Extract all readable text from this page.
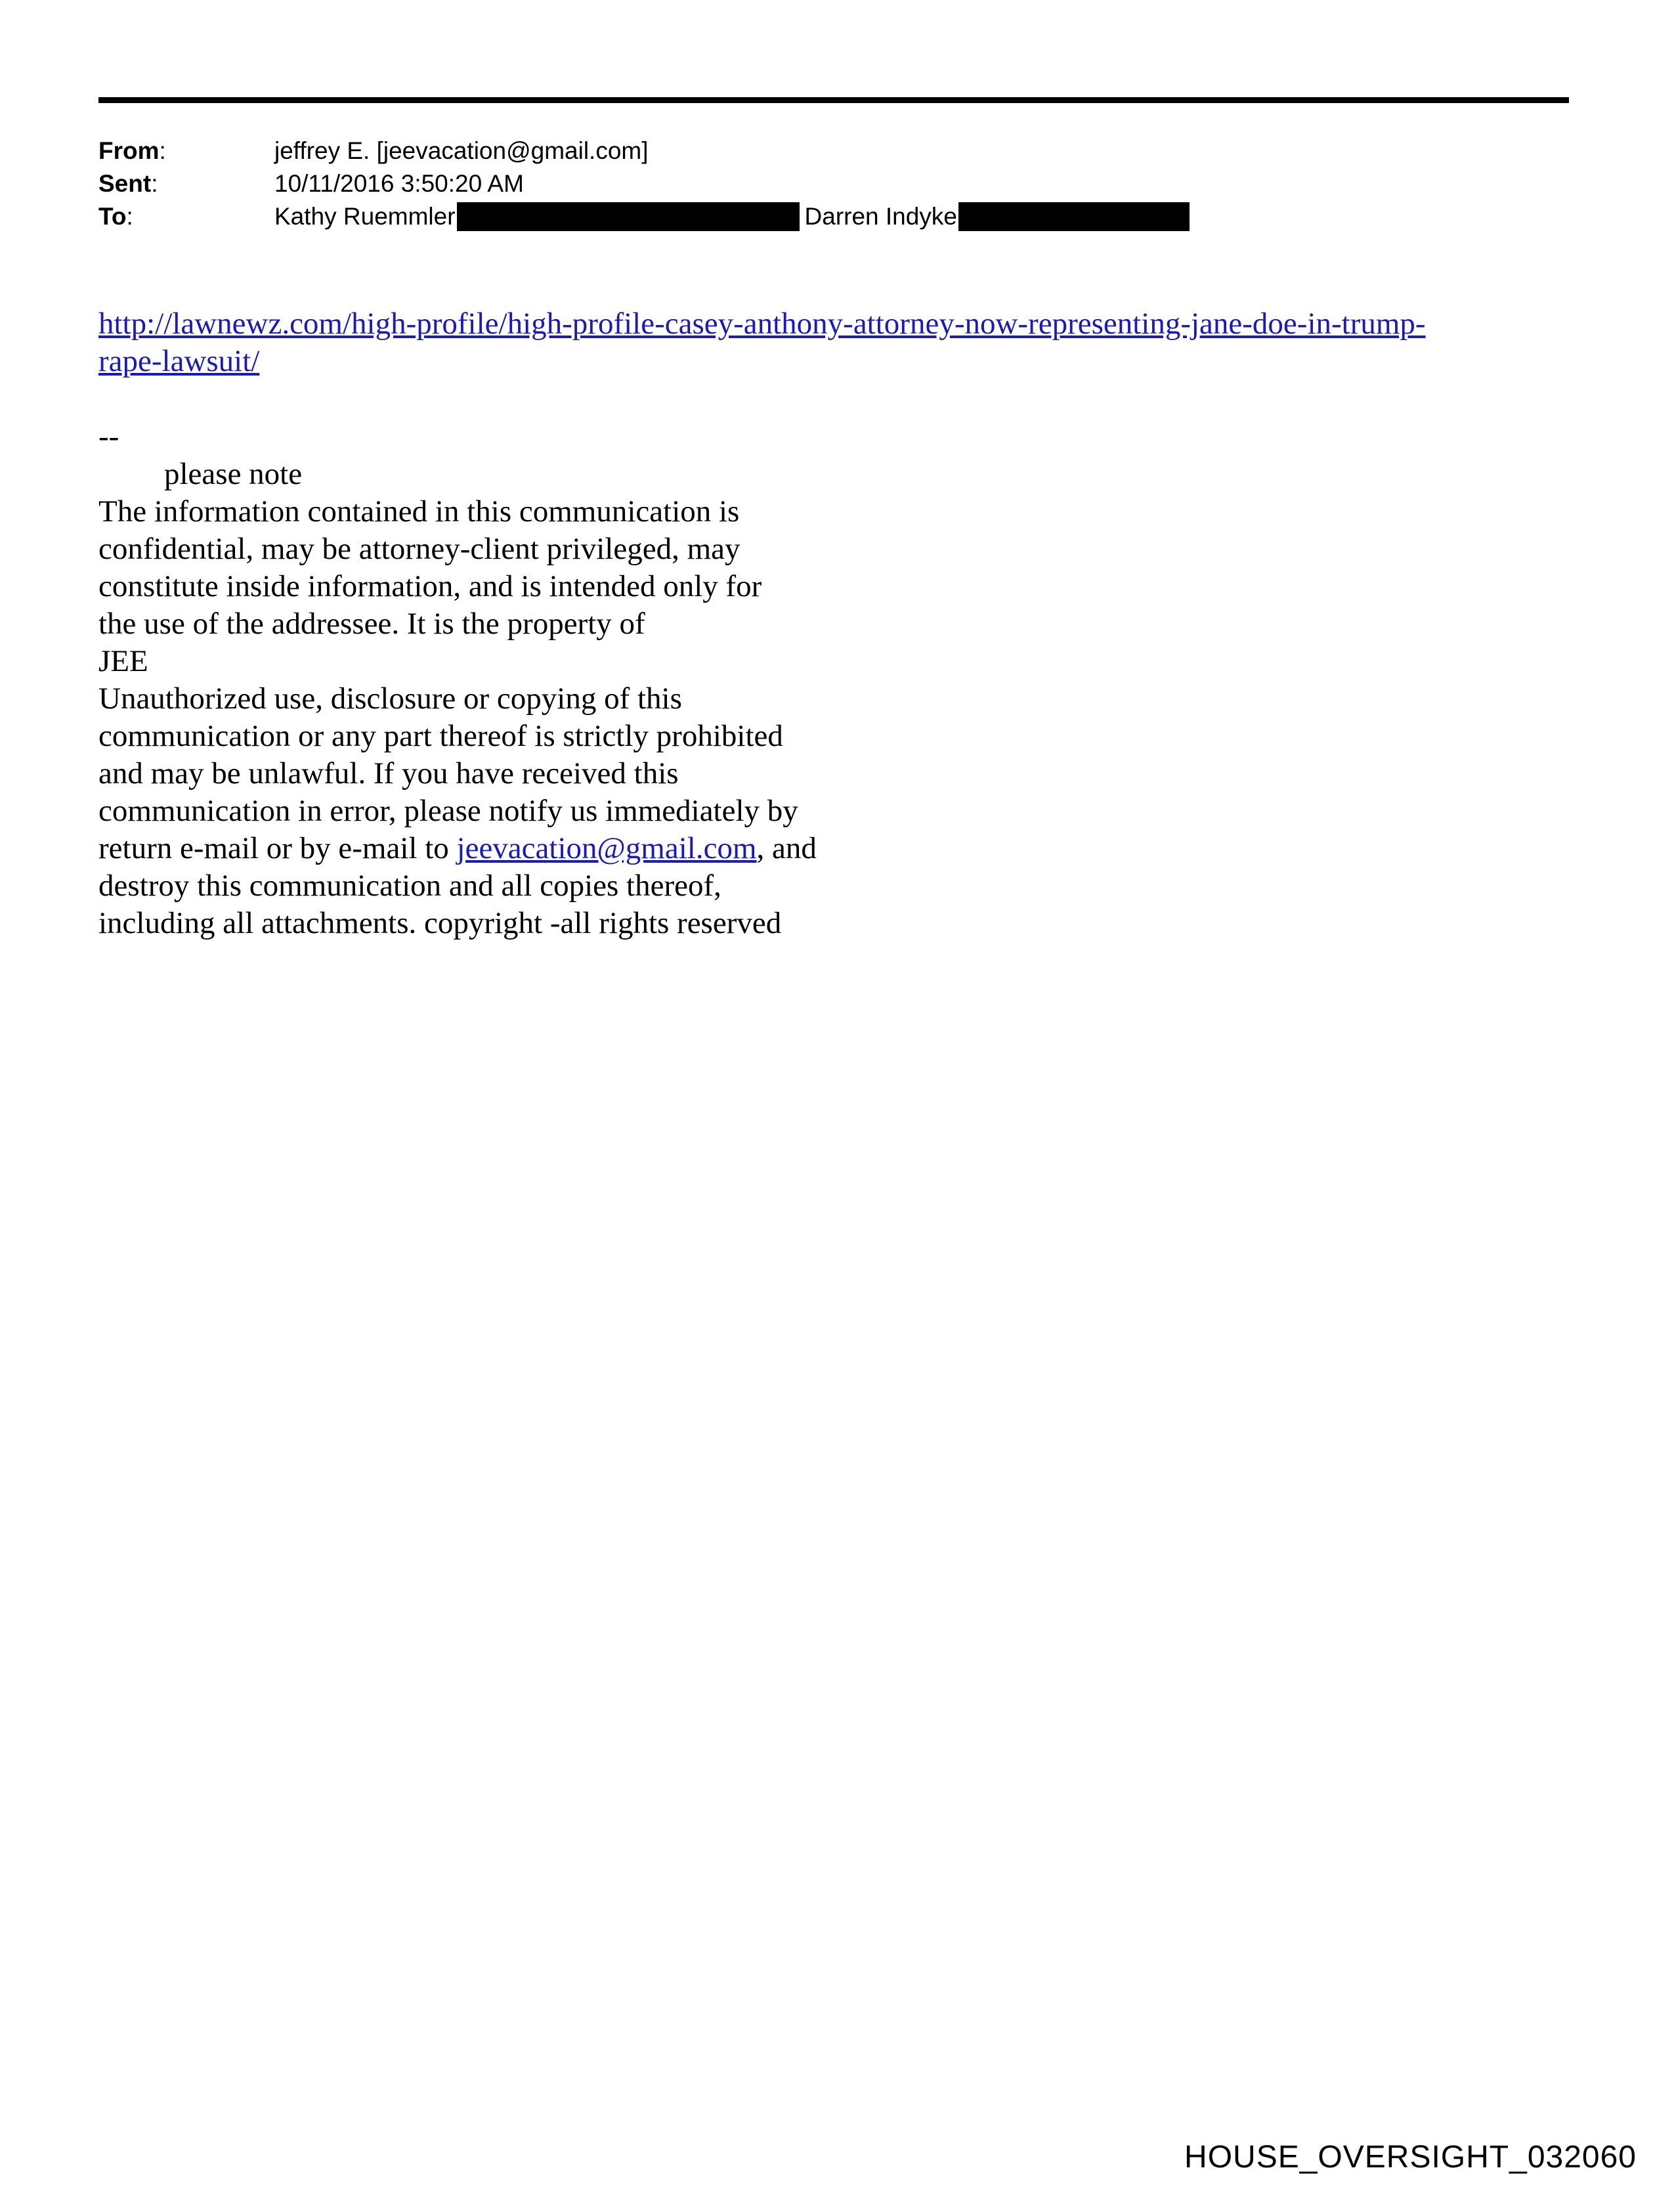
From:	jeffrey E. [jeevacation@gmail.com]
Sent:	10/11/2016 3:50:20 AM
To:	Kathy Ruemmler	Darren Indyke
http://lawnewz.com/high-profile/high-profile-casey-anthony-attorney-now-representing-jane-doe-in-trump-
rape-lawsuit/
--
please note
The information contained in this communication is
confidential, may be attorney-client privileged, may
constitute inside information, and is intended only for
the use of the addressee. It is the property of
JEE
Unauthorized use, disclosure or copying of this
communication or any part thereof is strictly prohibited
and may be unlawful. If you have received this
communication in error, please notify us immediately by
return e-mail or by e-mail to jeevacation@gmail.com, and
destroy this communication and all copies thereof,
including all attachments. copyright -all rights reserved
HOUSE_OVERSIGHT_032060
